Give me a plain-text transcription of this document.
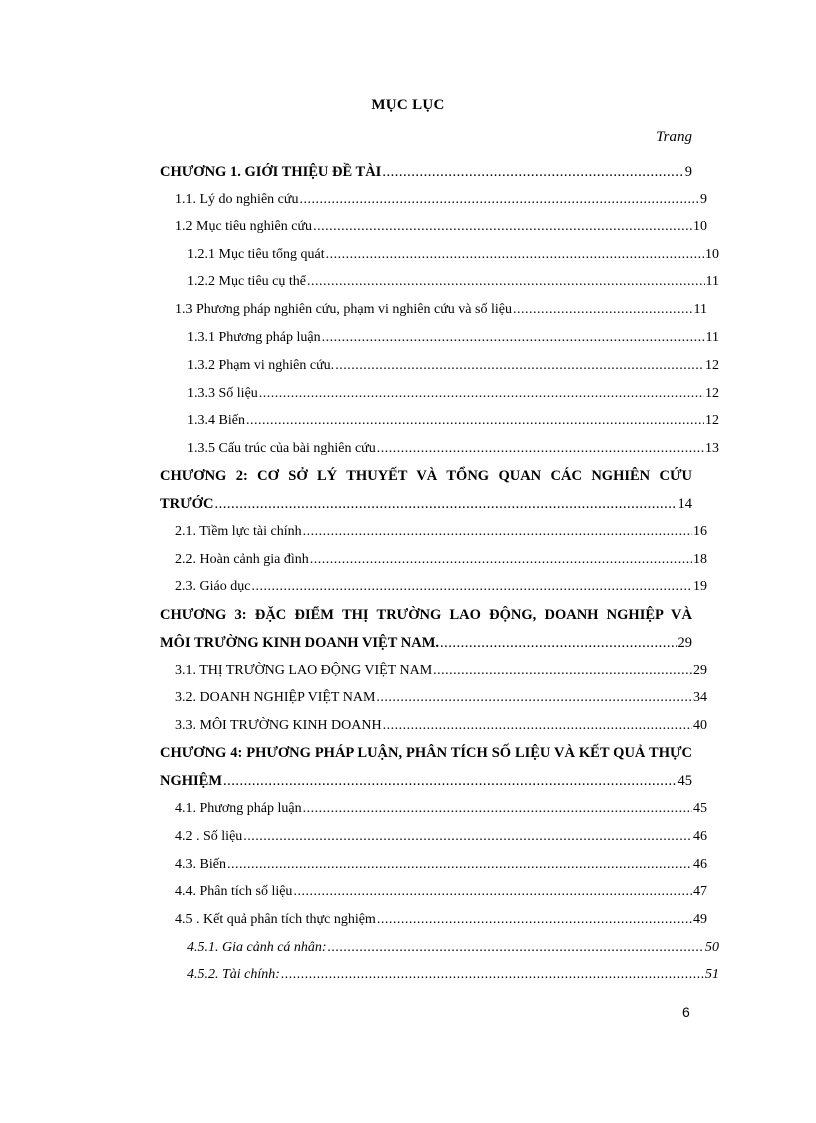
MỤC LỤC
Trang
CHƯƠNG 1. GIỚI THIỆU ĐỀ TÀI .....	9
1.1. Lý do nghiên cứu .....	9
1.2 Mục tiêu nghiên cứu .....	10
1.2.1 Mục tiêu tổng quát .....	10
1.2.2 Mục tiêu cụ thể .....	11
1.3 Phương pháp nghiên cứu, phạm vi nghiên cứu và số liệu .....	11
1.3.1 Phương pháp luận .....	11
1.3.2 Phạm vi nghiên cứu. .....	12
1.3.3 Số liệu .....	12
1.3.4 Biến .....	12
1.3.5 Cấu trúc của bài nghiên cứu .....	13
CHƯƠNG 2: CƠ SỞ LÝ THUYẾT VÀ TỔNG QUAN CÁC NGHIÊN CỨU
TRƯỚC .....	14
2.1. Tiềm lực tài chính .....	16
2.2. Hoàn cảnh gia đình .....	18
2.3. Giáo dục .....	19
CHƯƠNG 3: ĐẶC ĐIỂM THỊ TRƯỜNG LAO ĐỘNG, DOANH NGHIỆP VÀ
MÔI TRƯỜNG KINH DOANH VIỆT NAM. .....	29
3.1. THỊ TRƯỜNG LAO ĐỘNG VIỆT NAM .....	29
3.2. DOANH NGHIỆP VIỆT NAM .....	34
3.3. MÔI TRƯỜNG KINH DOANH .....	40
CHƯƠNG 4: PHƯƠNG PHÁP LUẬN, PHÂN TÍCH SỐ LIỆU VÀ KẾT QUẢ THỰC
NGHIỆM .....	45
4.1. Phương pháp luận .....	45
4.2 . Số liệu .....	46
4.3. Biến .....	46
4.4. Phân tích số liệu .....	47
4.5 . Kết quả phân tích thực nghiệm .....	49
4.5.1. Gia cảnh cá nhân: .....	50
4.5.2. Tài chính: .....	51
6
